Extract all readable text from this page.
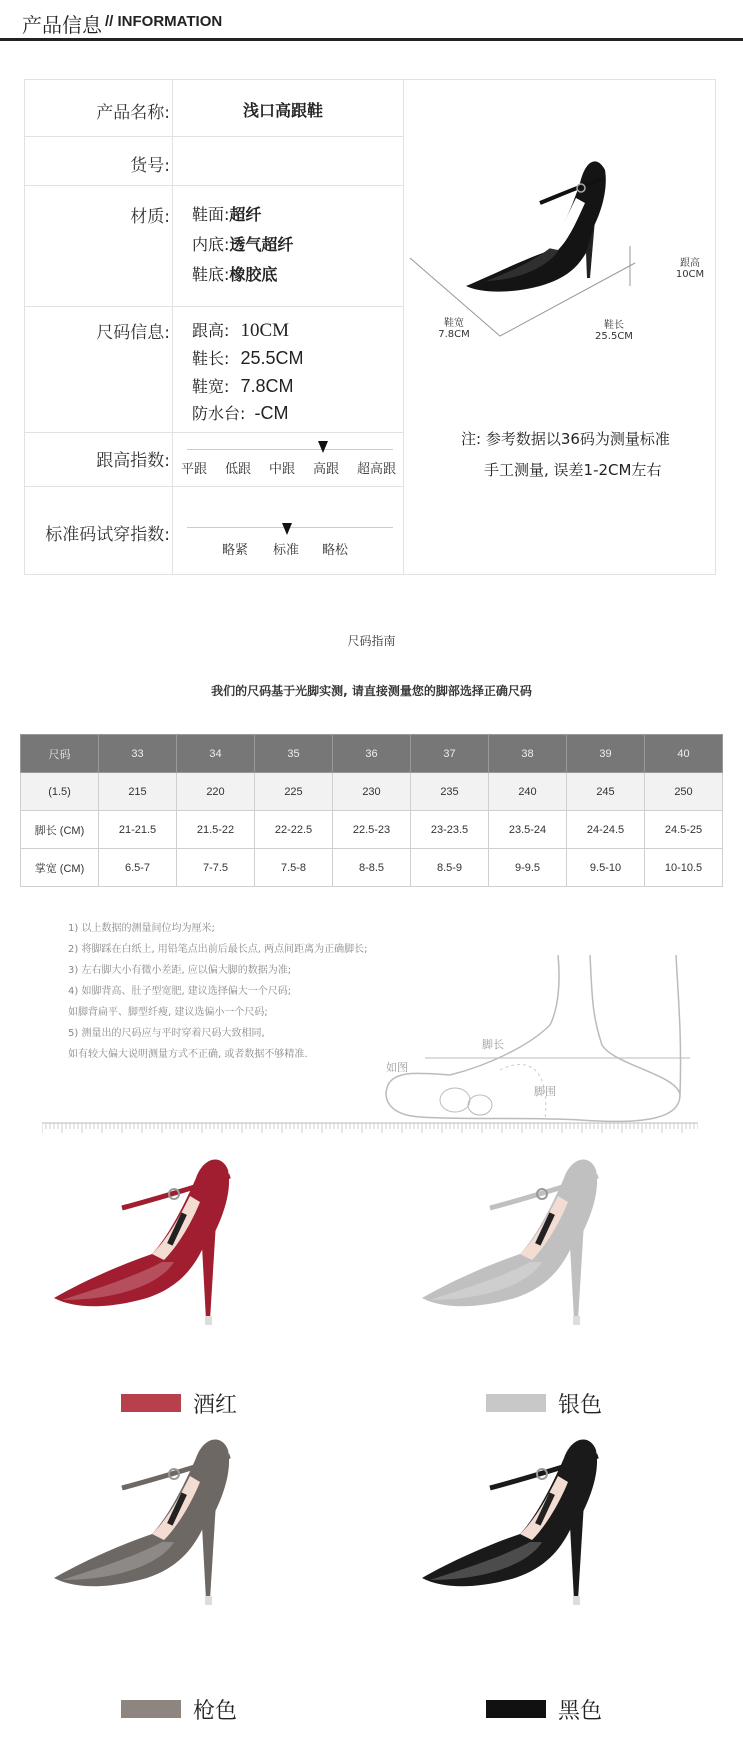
产品信息 // INFORMATION
产品名称:	浅口高跟鞋
货号:
材质: 鞋面:超纤
内底:透气超纤
鞋底:橡胶底
尺码信息: 跟高: 10CM
鞋长: 25.5CM
鞋宽: 7.8CM
防水台: -CM
跟高指数: 平跟 低跟 中跟 高跟 超高跟
标准码试穿指数:
略紧 标准 略松
注: 参考数据以36码为测量标准
手工测量, 误差1-2CM左右
鞋宽
7.8CM
鞋长
25.5CM
跟高
10CM
尺码指南
我们的尺码基于光脚实测, 请直接测量您的脚部选择正确尺码
尺码	33	34	35	36	37	38	39	40
(1.5)	215	220	225	230	235	240	245	250
脚长 (CM)	21-21.5	21.5-22	22-22.5	22.5-23	23-23.5	23.5-24	24-24.5	24.5-25
掌宽 (CM)	6.5-7	7-7.5	7.5-8	8-8.5	8.5-9	9-9.5	9.5-10	10-10.5
1) 以上数据的测量间位均为厘米;
2) 将脚踩在白纸上, 用铅笔点出前后最长点, 两点间距离为正确脚长;
3) 左右脚大小有微小差距, 应以偏大脚的数据为准;
4) 如脚背高、肚子型宽肥, 建议选择偏大一个尺码;
如脚背扁平、脚型纤瘦, 建议选偏小一个尺码;
5) 测量出的尺码应与平时穿着尺码大致相同,
如有较大偏大说明测量方式不正确, 或者数据不够精准.
脚长
脚围
如图
酒红	银色
枪色	黑色
